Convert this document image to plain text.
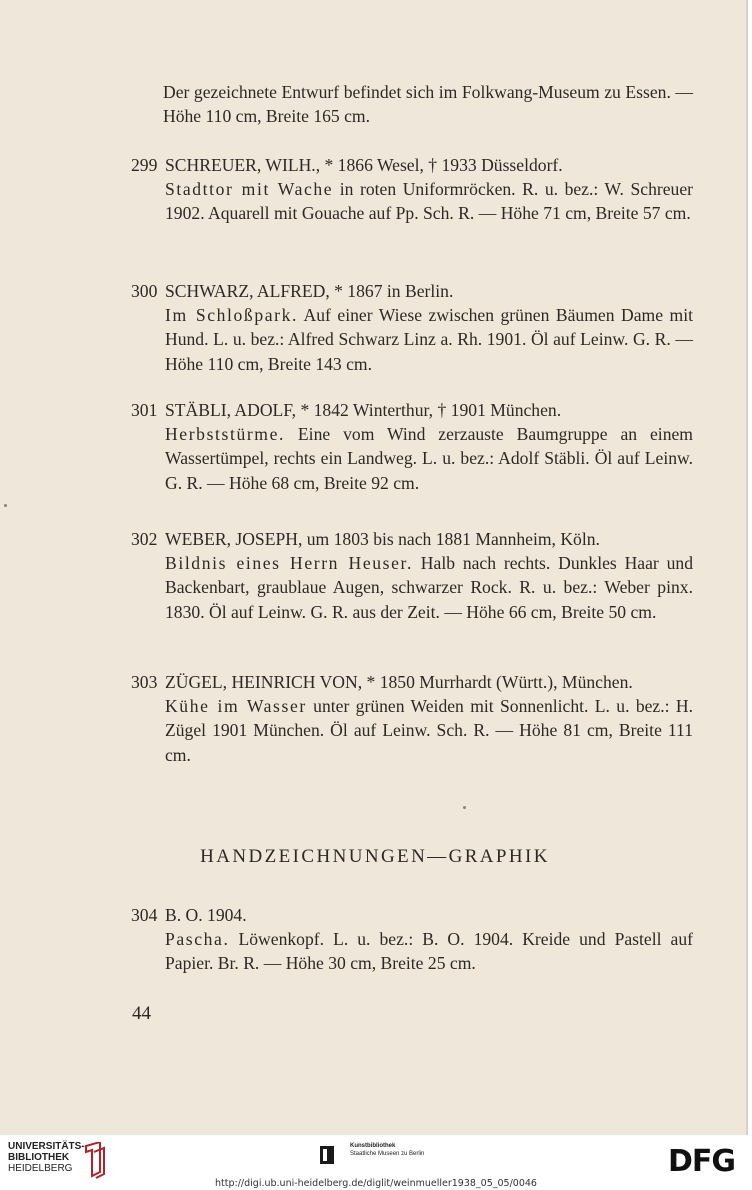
Der gezeichnete Entwurf befindet sich im Folkwang-Museum zu Essen. — Höhe 110 cm, Breite 165 cm.

299 SCHREUER, WILH., * 1866 Wesel, † 1933 Düsseldorf.
Stadttor mit Wache in roten Uniformröcken. R. u. bez.: W. Schreuer 1902. Aquarell mit Gouache auf Pp. Sch. R. — Höhe 71 cm, Breite 57 cm.
300 SCHWARZ, ALFRED, * 1867 in Berlin.
Im Schloßpark. Auf einer Wiese zwischen grünen Bäumen Dame mit Hund. L. u. bez.: Alfred Schwarz Linz a. Rh. 1901. Öl auf Leinw. G. R. — Höhe 110 cm, Breite 143 cm.
301 STÄBLI, ADOLF, * 1842 Winterthur, † 1901 München.
Herbststürme. Eine vom Wind zerzauste Baumgruppe an einem Wassertümpel, rechts ein Landweg. L. u. bez.: Adolf Stäbli. Öl auf Leinw. G. R. — Höhe 68 cm, Breite 92 cm.
302 WEBER, JOSEPH, um 1803 bis nach 1881 Mannheim, Köln.
Bildnis eines Herrn Heuser. Halb nach rechts. Dunkles Haar und Backenbart, graublaue Augen, schwarzer Rock. R. u. bez.: Weber pinx. 1830. Öl auf Leinw. G. R. aus der Zeit. — Höhe 66 cm, Breite 50 cm.
303 ZÜGEL, HEINRICH VON, * 1850 Murrhardt (Württ.), München.
Kühe im Wasser unter grünen Weiden mit Sonnenlicht. L. u. bez.: H. Zügel 1901 München. Öl auf Leinw. Sch. R. — Höhe 81 cm, Breite 111 cm.
HANDZEICHNUNGEN—GRAPHIK
304 B. O. 1904.
Pascha. Löwenkopf. L. u. bez.: B. O. 1904. Kreide und Pastell auf Papier. Br. R. — Höhe 30 cm, Breite 25 cm.
44
UNIVERSITÄTS-
BIBLIOTHEK
HEIDELBERG
Kunstbibliothek
Staatliche Museen zu Berlin	DFG
http://digi.ub.uni-heidelberg.de/diglit/weinmueller1938_05_05/0046
